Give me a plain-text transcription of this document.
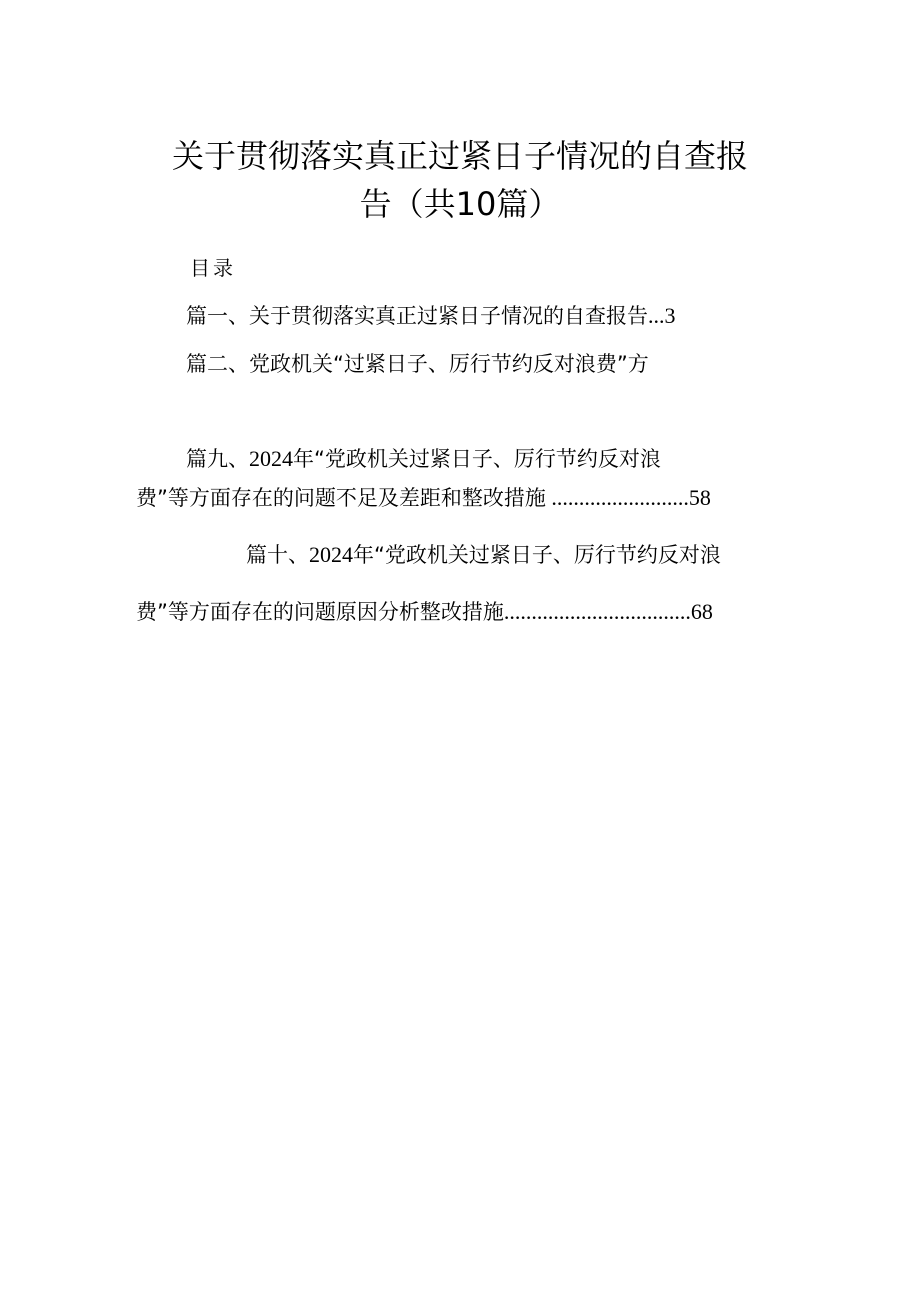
关于贯彻落实真正过紧日子情况的自查报
告（共10篇）
目录
篇一、关于贯彻落实真正过紧日子情况的自查报告...3
篇二、党政机关“过紧日子、厉行节约反对浪费”方
篇九、2024年“党政机关过紧日子、厉行节约反对浪
费”等方面存在的问题不足及差距和整改措施 .........................58
篇十、2024年“党政机关过紧日子、厉行节约反对浪
费”等方面存在的问题原因分析整改措施..................................68
